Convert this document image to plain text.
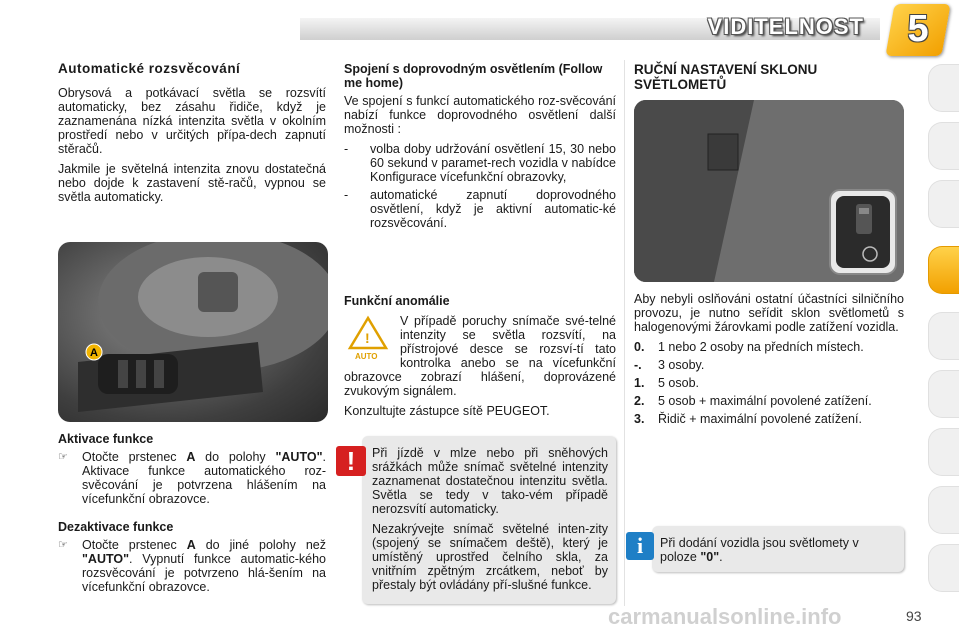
VIDITELNOST	5
Automatické rozsvěcování

Obrysová a potkávací světla se rozsvítí automaticky, bez zásahu řidiče, když je zaznamenána nízká intenzita světla v okolním prostředí nebo v určitých přípa-dech zapnutí stěračů.

Jakmile je světelná intenzita znovu dostatečná nebo dojde k zastavení stě-račů, vypnou se světla automaticky.

A
Aktivace funkce
☞	Otočte prstenec A do polohy "AUTO". Aktivace funkce automatického roz-svěcování je potvrzena hlášením na vícefunkční obrazovce.
Dezaktivace funkce
☞	Otočte prstenec A do jiné polohy než "AUTO". Vypnutí funkce automatic-kého rozsvěcování je potvrzeno hlá-šením na vícefunkční obrazovce.
Spojení s doprovodným osvětlením (Follow me home)

Ve spojení s funkcí automatického roz-svěcování nabízí funkce doprovodného osvětlení další možnosti :

-	volba doby udržování osvětlení 15, 30 nebo 60 sekund v paramet-rech vozidla v nabídce Konfigurace vícefunkční obrazovky,
-	automatické zapnutí doprovodného osvětlení, když je aktivní automatic-ké rozsvěcování.
Funkční anomálie
!
AUTO

V případě poruchy snímače své-telné intenzity se světla rozsvítí, na přístrojové desce se rozsví-tí tato kontrolka anebo se na vícefunkční obrazovce zobrazí hlášení, doprovázené zvukovým signálem.

Konzultujte zástupce sítě PEUGEOT.

!	Při jízdě v mlze nebo při sněhových srážkách může snímač světelné intenzity zaznamenat dostatečnou intenzitu světla. Světla se tedy v tako-vém případě nerozsvítí automaticky.

Nezakrývejte snímač světelné inten-zity (spojený se snímačem deště), který je umístěný uprostřed čelního skla, za vnitřním zpětným zrcátkem, neboť by přestaly být ovládány pří-slušné funkce.

RUČNÍ NASTAVENÍ SKLONU SVĚTLOMETŮ

Aby nebyli oslňováni ostatní účastníci silničního provozu, je nutno seřídit sklon světlometů s halogenovými žárovkami podle zatížení vozidla.

0.	1 nebo 2 osoby na předních místech.
-.	3 osoby.
1.	5 osob.
2.	5 osob + maximální povolené zatížení.
3.	Řidič + maximální povolené zatížení.
i	Při dodání vozidla jsou světlomety v poloze "0".
carmanualsonline.info	93
